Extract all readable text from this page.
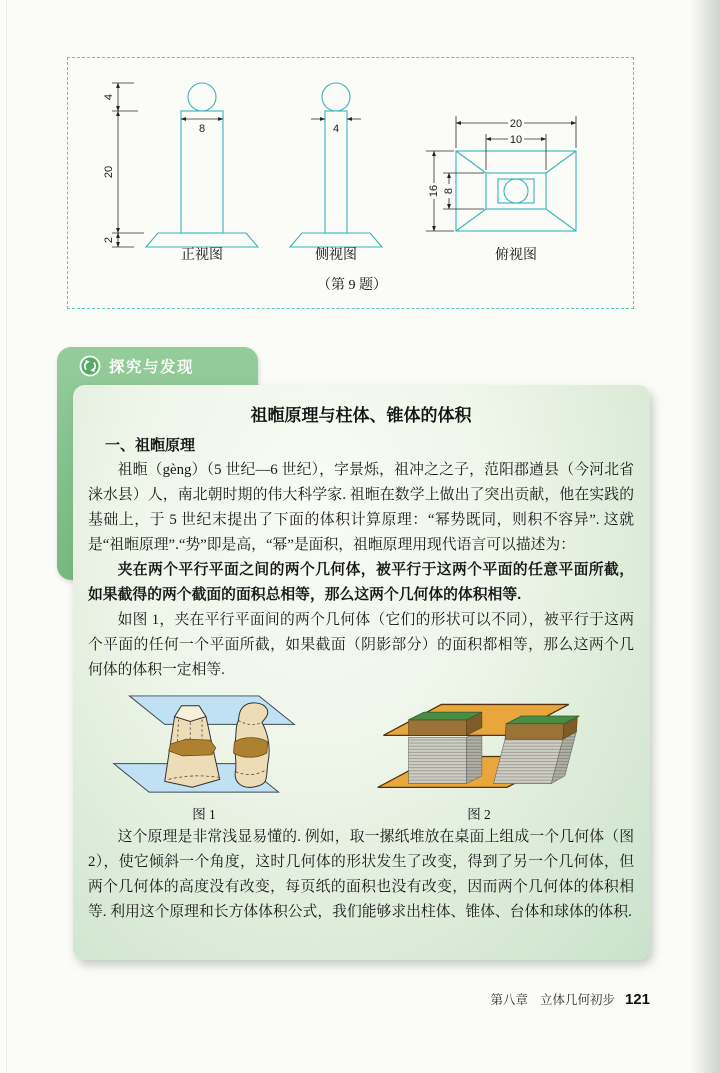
4
20
2
8
正视图
4
侧视图
20
10
16 8
俯视图
（第 9 题）
探究与发现
祖暅原理与柱体、锥体的体积
一、祖暅原理

祖暅（gèng）（5 世纪—6 世纪），字景烁，祖冲之之子，范阳郡遒县（今河北省涞水县）人，南北朝时期的伟大科学家. 祖暅在数学上做出了突出贡献，他在实践的基础上，于 5 世纪末提出了下面的体积计算原理：“幂势既同，则积不容异”. 这就是“祖暅原理”.“势”即是高，“幂”是面积，祖暅原理用现代语言可以描述为：

夹在两个平行平面之间的两个几何体，被平行于这两个平面的任意平面所截，如果截得的两个截面的面积总相等，那么这两个几何体的体积相等.

如图 1，夹在平行平面间的两个几何体（它们的形状可以不同），被平行于这两个平面的任何一个平面所截，如果截面（阴影部分）的面积都相等，那么这两个几何体的体积一定相等.

图 1	图 2

这个原理是非常浅显易懂的. 例如，取一摞纸堆放在桌面上组成一个几何体（图 2），使它倾斜一个角度，这时几何体的形状发生了改变，得到了另一个几何体，但两个几何体的高度没有改变，每页纸的面积也没有改变，因而两个几何体的体积相等. 利用这个原理和长方体体积公式，我们能够求出柱体、锥体、台体和球体的体积.

第八章 立体几何初步 121
